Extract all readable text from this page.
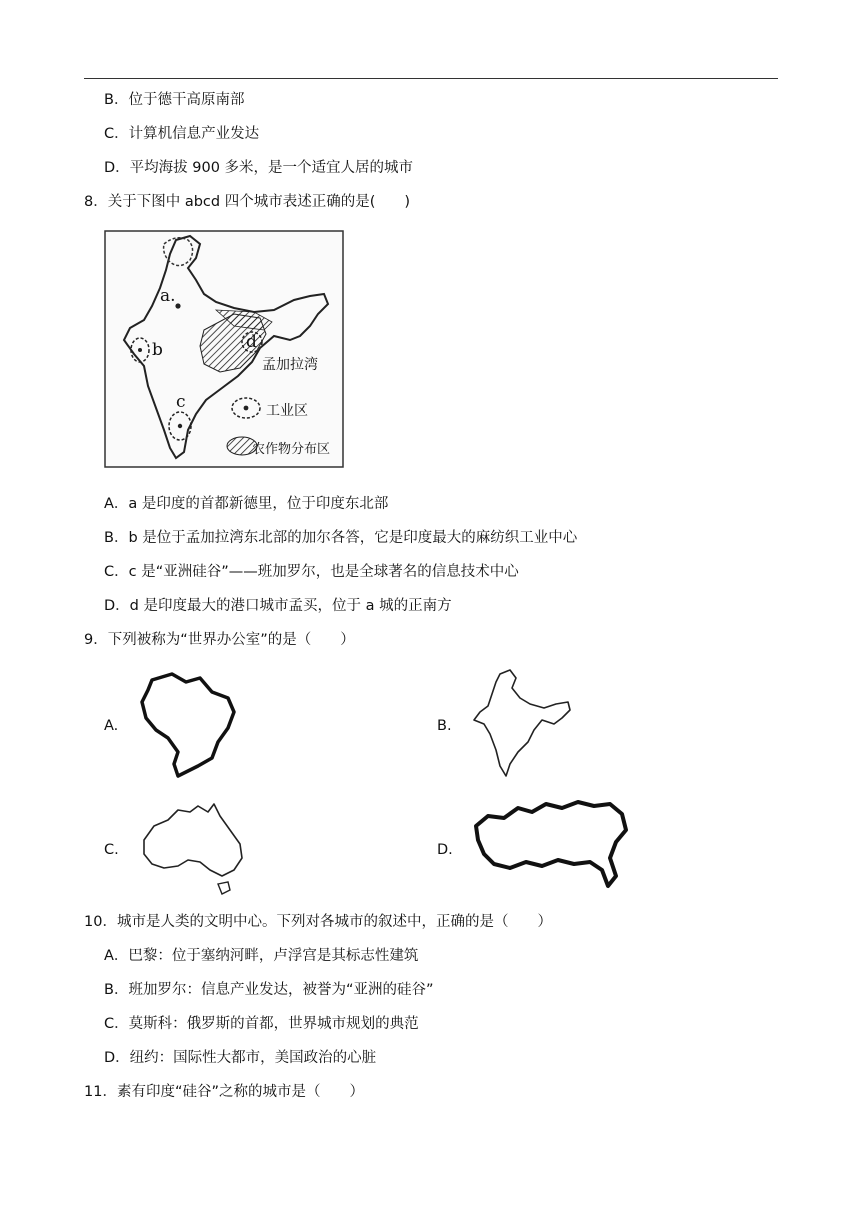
B．位于德干高原南部
C．计算机信息产业发达
D．平均海拔 900 多米，是一个适宜人居的城市
8．关于下图中 abcd 四个城市表述正确的是(　　)
a.
b
c
d
孟加拉湾
工业区
农作物分布区
A．a 是印度的首都新德里，位于印度东北部
B．b 是位于孟加拉湾东北部的加尔各答，它是印度最大的麻纺织工业中心
C．c 是“亚洲硅谷”——班加罗尔，也是全球著名的信息技术中心
D．d 是印度最大的港口城市孟买，位于 a 城的正南方
9．下列被称为“世界办公室”的是（　　）
A.	B.
C.	D.
10．城市是人类的文明中心。下列对各城市的叙述中，正确的是（　　）
A．巴黎：位于塞纳河畔，卢浮宫是其标志性建筑
B．班加罗尔：信息产业发达，被誉为“亚洲的硅谷”
C．莫斯科：俄罗斯的首都，世界城市规划的典范
D．纽约：国际性大都市，美国政治的心脏
11．素有印度“硅谷”之称的城市是（　　）
